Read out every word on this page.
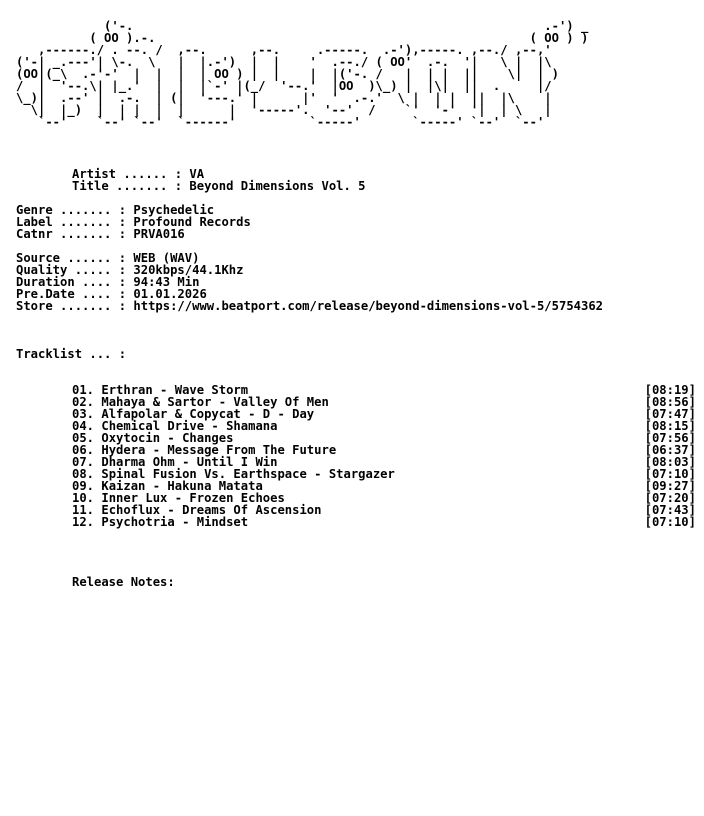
('-.                                                        .-') _
( OO ).-.                                                   ( OO ) )
,------./ . --. /  ,--.      ,--.     .-----.  .-'),-----. ,--./ ,--,'
('-| _.---'| \-.  \   |  |.-')  |  |    '  .--./ ( OO'  .-.  '|   \ |  |\
(OO|(_\  .-'-'  |  |  |  | OO ) |  |    |  |('-. /   |  | |  ||    \|  | )
/  |  '--.\| |_.'  |  |  |`-' |(_/  '--.'  |OO  )\_) |  |\|  ||  .     |/
\_)|  .--' |  .-.  | (|  '---.' |      |'  '  .-.'  \ |  | |  ||  |\    |
\|  |_)  |  | |  |  |      |  '-----'.  '--'  /    `'  '-'  '|  | \   |
`--'    `--' `--'  `------'          `-----'       `-----' `--'  `--'
Artist ...... : VA
Title ....... : Beyond Dimensions Vol. 5
Genre ....... : Psychedelic
Label ....... : Profound Records
Catnr ....... : PRVA016
Source ...... : WEB (WAV)
Quality ..... : 320kbps/44.1Khz
Duration .... : 94:43 Min
Pre.Date .... : 01.01.2026
Store ....... : https://www.beatport.com/release/beyond-dimensions-vol-5/5754362
Tracklist ... :
01. Erthran - Wave Storm	[08:19]
02. Mahaya & Sartor - Valley Of Men	[08:56]
03. Alfapolar & Copycat - D - Day	[07:47]
04. Chemical Drive - Shamana	[08:15]
05. Oxytocin - Changes	[07:56]
06. Hydera - Message From The Future	[06:37]
07. Dharma Ohm - Until I Win	[08:03]
08. Spinal Fusion Vs. Earthspace - Stargazer	[07:10]
09. Kaizan - Hakuna Matata	[09:27]
10. Inner Lux - Frozen Echoes	[07:20]
11. Echoflux - Dreams Of Ascension	[07:43]
12. Psychotria - Mindset	[07:10]
Release Notes:
